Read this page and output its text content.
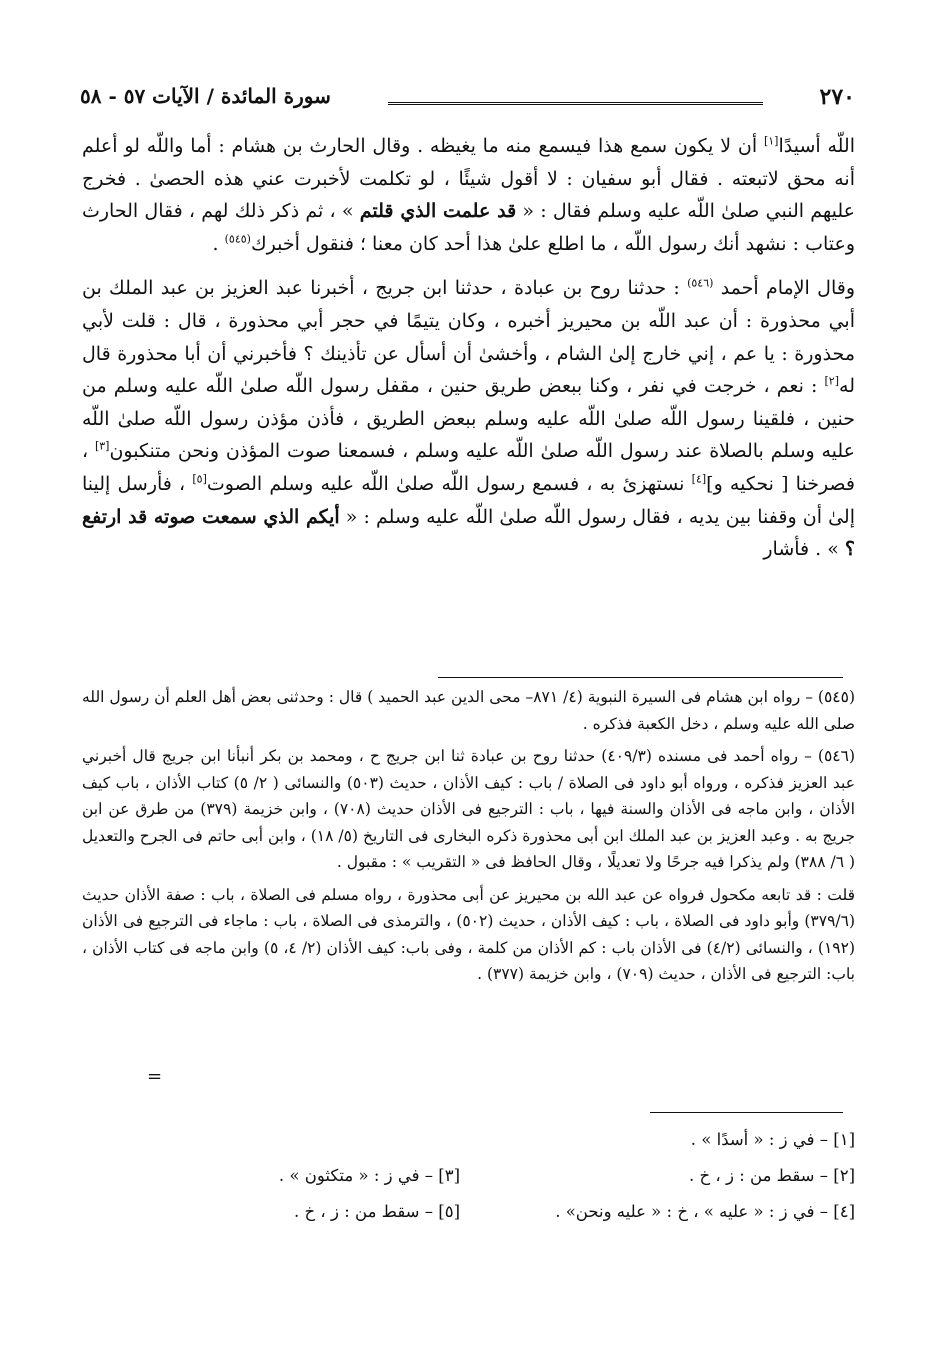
٢٧٠
سورة المائدة / الآيات ٥٧ - ٥٨

اللّه أسيدًا[١] أن لا يكون سمع هذا فيسمع منه ما يغيظه . وقال الحارث بن هشام : أما واللّه لو أعلم أنه محق لاتبعته . فقال أبو سفيان : لا أقول شيئًا ، لو تكلمت لأخبرت عني هذه الحصىٰ . فخرج عليهم النبي صلىٰ اللّه عليه وسلم فقال : « قد علمت الذي قلتم » ، ثم ذكر ذلك لهم ، فقال الحارث وعتاب : نشهد أنك رسول اللّه ، ما اطلع علىٰ هذا أحد كان معنا ؛ فنقول أخبرك$^{(٥٤٥)}$ .

وقال الإمام أحمد $^{(٥٤٦)}$ : حدثنا روح بن عبادة ، حدثنا ابن جريج ، أخبرنا عبد العزيز بن عبد الملك بن أبي محذورة : أن عبد اللّه بن محيريز أخبره ، وكان يتيمًا في حجر أبي محذورة ، قال : قلت لأبي محذورة : يا عم ، إني خارج إلىٰ الشام ، وأخشىٰ أن أسأل عن تأذينك ؟ فأخبرني أن أبا محذورة قال له[٢] : نعم ، خرجت في نفر ، وكنا ببعض طريق حنين ، مقفل رسول اللّه صلىٰ اللّه عليه وسلم من حنين ، فلقينا رسول اللّه صلىٰ اللّه عليه وسلم ببعض الطريق ، فأذن مؤذن رسول اللّه صلىٰ اللّه عليه وسلم بالصلاة عند رسول اللّه صلىٰ اللّه عليه وسلم ، فسمعنا صوت المؤذن ونحن متنكبون[٣] ، فصرخنا [ نحكيه و][٤] نستهزئ به ، فسمع رسول اللّه صلىٰ اللّه عليه وسلم الصوت[٥] ، فأرسل إلينا إلىٰ أن وقفنا بين يديه ، فقال رسول اللّه صلىٰ اللّه عليه وسلم : « أيكم الذي سمعت صوته قد ارتفع ؟ » . فأشار

(٥٤٥) – رواه ابن هشام فى السيرة النبوية (٤/ ٨٧١– محى الدين عبد الحميد ) قال : وحدثنى بعض أهل العلم أن رسول الله صلى الله عليه وسلم ، دخل الكعبة فذكره .

(٥٤٦) – رواه أحمد فى مسنده (٤٠٩/٣) حدثنا روح بن عبادة ثنا ابن جريج ح ، ومحمد بن بكر أنبأنا ابن جريج قال أخبرني عبد العزيز فذكره ، ورواه أبو داود فى الصلاة / باب : كيف الأذان ، حديث (٥٠٣) والنسائى ( ٢/ ٥) كتاب الأذان ، باب كيف الأذان ، وابن ماجه فى الأذان والسنة فيها ، باب : الترجيع فى الأذان حديث (٧٠٨) ، وابن خزيمة (٣٧٩) من طرق عن ابن جريج به . وعبد العزيز بن عبد الملك ابن أبى محذورة ذكره البخارى فى التاريخ (٥/ ١٨) ، وابن أبى حاتم فى الجرح والتعديل ( ٦/ ٣٨٨) ولم يذكرا فيه جرحًا ولا تعديلًا ، وقال الحافظ فى « التقريب » : مقبول .

قلت : قد تابعه مكحول فرواه عن عبد الله بن محيريز عن أبى محذورة ، رواه مسلم فى الصلاة ، باب : صفة الأذان حديث (٣٧٩/٦) وأبو داود فى الصلاة ، باب : كيف الأذان ، حديث (٥٠٢) ، والترمذى فى الصلاة ، باب : ماجاء فى الترجيع فى الأذان (١٩٢) ، والنسائى (٤/٢) فى الأذان باب : كم الأذان من كلمة ، وفى باب: كيف الأذان (٢/ ٤، ٥) وابن ماجه فى كتاب الأذان ، باب: الترجيع فى الأذان ، حديث (٧٠٩) ، وابن خزيمة (٣٧٧) .

=
[١] – في ز : « أسدًا » .
[٢] – سقط من : ز ، خ .
[٣] – في ز : « متكثون » .
[٤] – في ز : « عليه » ، خ : « عليه ونحن» .
[٥] – سقط من : ز ، خ .
